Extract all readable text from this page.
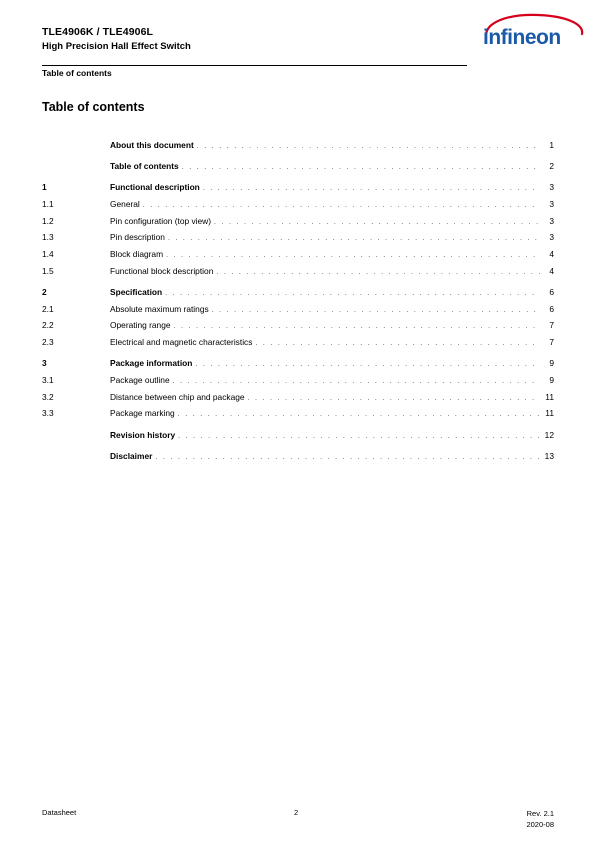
TLE4906K / TLE4906L
High Precision Hall Effect Switch
Table of contents
infineon
Table of contents
About this document . . .	1
Table of contents . . .	2
1	Functional description . . .	3
1.1	General . . .	3
1.2	Pin configuration (top view) . . .	3
1.3	Pin description . . .	3
1.4	Block diagram . . .	4
1.5	Functional block description . . .	4
2	Specification . . .	6
2.1	Absolute maximum ratings . . .	6
2.2	Operating range . . .	7
2.3	Electrical and magnetic characteristics . . .	7
3	Package information . . .	9
3.1	Package outline . . .	9
3.2	Distance between chip and package . . .	11
3.3	Package marking . . .	11
Revision history . . .	12
Disclaimer . . .	13
Datasheet	2	Rev. 2.1
2020-08
